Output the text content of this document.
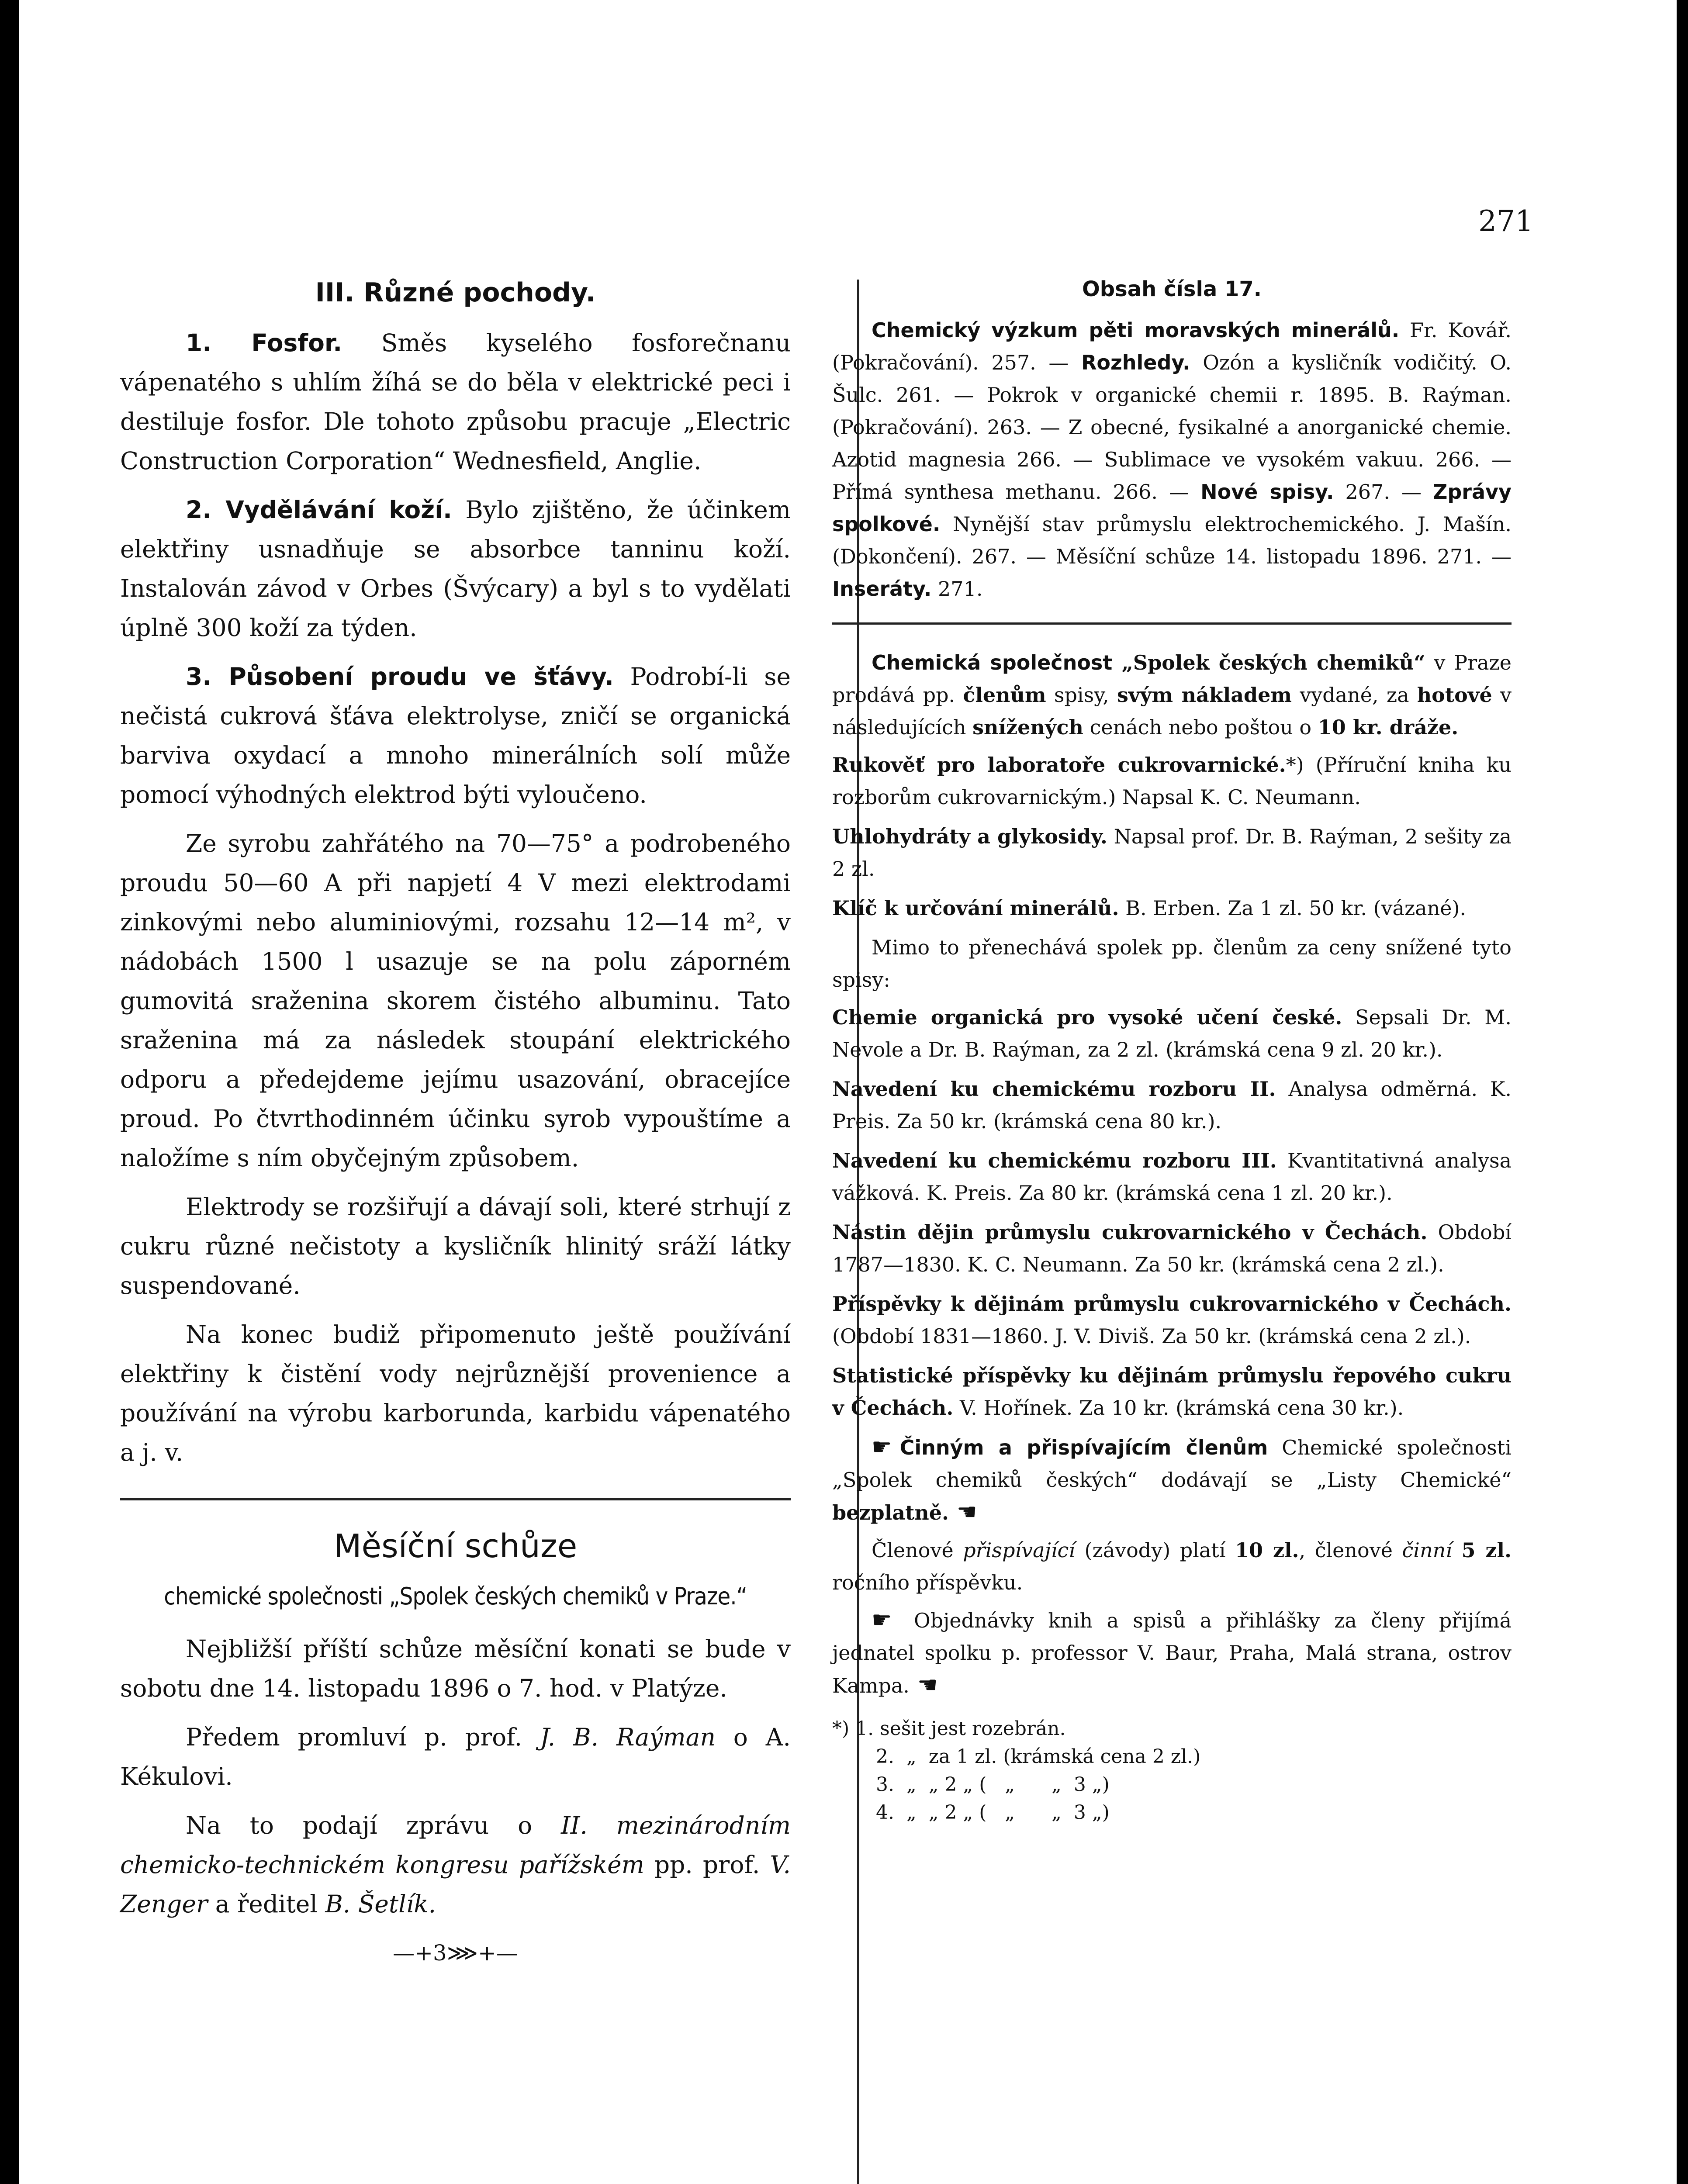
271
III. Různé pochody.

1. Fosfor. Směs kyselého fosforečnanu vápenatého s uhlím žíhá se do běla v elektrické peci i destiluje fosfor. Dle tohoto způsobu pracuje „Electric Construction Corporation“ Wednesfield, Anglie.

2. Vydělávání koží. Bylo zjištěno, že účinkem elektřiny usnadňuje se absorbce tanninu koží. Instalován závod v Orbes (Švýcary) a byl s to vydělati úplně 300 koží za týden.

3. Působení proudu ve šťávy. Podrobí-li se nečistá cukrová šťáva elektrolyse, zničí se organická barviva oxydací a mnoho minerálních solí může pomocí výhodných elektrod býti vyloučeno.

Ze syrobu zahřátého na 70—75° a podrobeného proudu 50—60 A při napjetí 4 V mezi elektrodami zinkovými nebo aluminiovými, rozsahu 12—14 m², v nádobách 1500 l usazuje se na polu záporném gumovitá sraženina skorem čistého albuminu. Tato sraženina má za následek stoupání elektrického odporu a předejdeme jejímu usazování, obracejíce proud. Po čtvrthodinném účinku syrob vypouštíme a naložíme s ním obyčejným způsobem.

Elektrody se rozšiřují a dávají soli, které strhují z cukru různé nečistoty a kysličník hlinitý sráží látky suspendované.

Na konec budiž připomenuto ještě používání elektřiny k čistění vody nejrůznější provenience a používání na výrobu karborunda, karbidu vápenatého a j. v.

Měsíční schůze
chemické společnosti „Spolek českých chemiků v Praze.“

Nejbližší příští schůze měsíční konati se bude v sobotu dne 14. listopadu 1896 o 7. hod. v Platýze.

Předem promluví p. prof. J. B. Raýman o A. Kékulovi.

Na to podají zprávu o II. mezinárodním chemicko-technickém kongresu pařížském pp. prof. V. Zenger a ředitel B. Šetlík.

—+3⋙+—
Obsah čísla 17.

Chemický výzkum pěti moravských minerálů. Fr. Kovář. (Pokračování). 257. — Rozhledy. Ozón a kysličník vodičitý. O. Šulc. 261. — Pokrok v organické chemii r. 1895. B. Raýman. (Pokračování). 263. — Z obecné, fysikalné a anorganické chemie. Azotid magnesia 266. — Sublimace ve vysokém vakuu. 266. — Přímá synthesa methanu. 266. — Nové spisy. 267. — Zprávy spolkové. Nynější stav průmyslu elektrochemického. J. Mašín. (Dokončení). 267. — Měsíční schůze 14. listopadu 1896. 271. — Inseráty. 271.

Chemická společnost „Spolek českých chemiků“ v Praze prodává pp. členům spisy, svým nákladem vydané, za hotové v následujících snížených cenách nebo poštou o 10 kr. dráže.

Rukověť pro laboratoře cukrovarnické.*) (Příruční kniha ku rozborům cukrovarnickým.) Napsal K. C. Neumann.

Uhlohydráty a glykosidy. Napsal prof. Dr. B. Raýman, 2 sešity za 2 zl.

Klíč k určování minerálů. B. Erben. Za 1 zl. 50 kr. (vázané).

Mimo to přenechává spolek pp. členům za ceny snížené tyto spisy:

Chemie organická pro vysoké učení české. Sepsali Dr. M. Nevole a Dr. B. Raýman, za 2 zl. (krámská cena 9 zl. 20 kr.).

Navedení ku chemickému rozboru II. Analysa odměrná. K. Preis. Za 50 kr. (krámská cena 80 kr.).

Navedení ku chemickému rozboru III. Kvantitativná analysa vážková. K. Preis. Za 80 kr. (krámská cena 1 zl. 20 kr.).

Nástin dějin průmyslu cukrovarnického v Čechách. Období 1787—1830. K. C. Neumann. Za 50 kr. (krámská cena 2 zl.).

Příspěvky k dějinám průmyslu cukrovarnického v Čechách. (Období 1831—1860. J. V. Diviš. Za 50 kr. (krámská cena 2 zl.).

Statistické příspěvky ku dějinám průmyslu řepového cukru v Čechách. V. Hořínek. Za 10 kr. (krámská cena 30 kr.).

☛ Činným a přispívajícím členům Chemické společnosti „Spolek chemiků českých“ dodávají se „Listy Chemické“ bezplatně. ☛

Členové přispívající (závody) platí 10 zl., členové činní 5 zl. ročního příspěvku.

☛ Objednávky knih a spisů a přihlášky za členy přijímá jednatel spolku p. professor V. Baur, Praha, Malá strana, ostrov Kampa. ☛

*) 1. sešit jest rozebrán.
2.  „  za 1 zl. (krámská cena 2 zl.)
3.  „  „ 2 „ (   „      „  3 „)
4.  „  „ 2 „ (   „      „  3 „)
